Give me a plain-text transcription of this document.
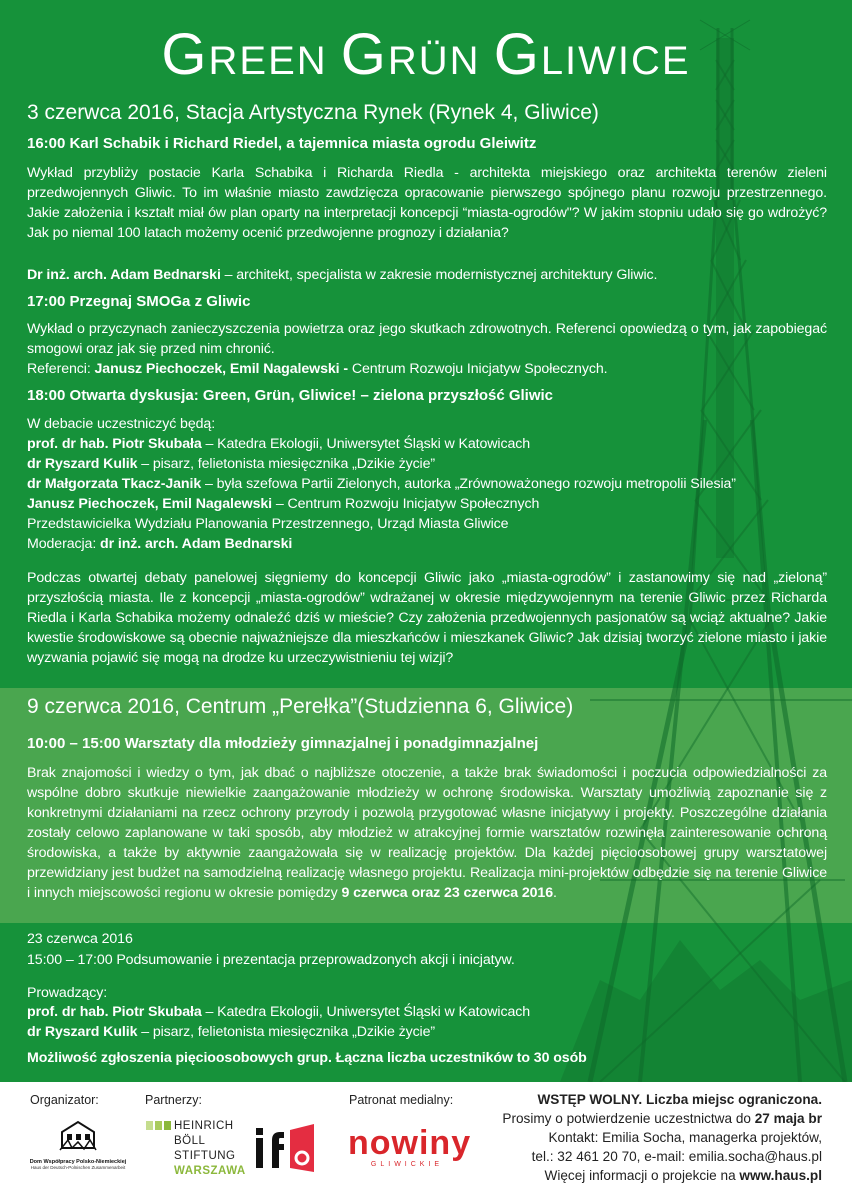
GREEN GRÜN GLIWICE
3 czerwca 2016, Stacja Artystyczna Rynek (Rynek 4, Gliwice)
16:00 Karl Schabik i Richard Riedel, a tajemnica miasta ogrodu Gleiwitz
Wykład przybliży postacie Karla Schabika i Richarda Riedla - architekta miejskiego oraz architekta terenów zieleni przedwojennych Gliwic. To im właśnie miasto zawdzięcza opracowanie pierwszego spójnego planu rozwoju przestrzennego. Jakie założenia i kształt miał ów plan oparty na interpretacji koncepcji “miasta-ogrodów"? W jakim stopniu udało się go wdrożyć? Jak po niemal 100 latach możemy ocenić przedwojenne prognozy i działania?
Dr inż. arch. Adam Bednarski – architekt, specjalista w zakresie modernistycznej architektury Gliwic.
17:00 Przegnaj SMOGa z Gliwic
Wykład o przyczynach zanieczyszczenia powietrza oraz jego skutkach zdrowotnych. Referenci opowiedzą o tym, jak zapobiegać smogowi oraz jak się przed nim chronić.
Referenci: Janusz Piechoczek, Emil Nagalewski - Centrum Rozwoju Inicjatyw Społecznych.
18:00 Otwarta dyskusja: Green, Grün, Gliwice! – zielona przyszłość Gliwic
W debacie uczestniczyć będą:
prof. dr hab. Piotr Skubała – Katedra Ekologii, Uniwersytet Śląski w Katowicach
dr Ryszard Kulik – pisarz, felietonista miesięcznika „Dzikie życie”
dr Małgorzata Tkacz-Janik – była szefowa Partii Zielonych, autorka „Zrównoważonego rozwoju metropolii Silesia”
Janusz Piechoczek, Emil Nagalewski – Centrum Rozwoju Inicjatyw Społecznych
Przedstawicielka Wydziału Planowania Przestrzennego, Urząd Miasta Gliwice
Moderacja: dr inż. arch. Adam Bednarski
Podczas otwartej debaty panelowej sięgniemy do koncepcji Gliwic jako „miasta-ogrodów” i zastanowimy się nad „zieloną” przyszłością miasta. Ile z koncepcji „miasta-ogrodów” wdrażanej w okresie międzywojennym na terenie Gliwic przez Richarda Riedla i Karla Schabika możemy odnaleźć dziś w mieście? Czy założenia przedwojennych pasjonatów są wciąż aktualne? Jakie kwestie środowiskowe są obecnie najważniejsze dla mieszkańców i mieszkanek Gliwic? Jak dzisiaj tworzyć zielone miasto i jakie wyzwania pojawić się mogą na drodze ku urzeczywistnieniu tej wizji?
9 czerwca 2016, Centrum „Perełka”(Studzienna 6, Gliwice)
10:00 – 15:00 Warsztaty dla młodzieży gimnazjalnej i ponadgimnazjalnej
Brak znajomości i wiedzy o tym, jak dbać o najbliższe otoczenie, a także brak świadomości i poczucia odpowiedzialności za wspólne dobro skutkuje niewielkie zaangażowanie młodzieży w ochronę środowiska. Warsztaty umożliwią zapoznanie się z konkretnymi działaniami na rzecz ochrony przyrody i pozwolą przygotować własne inicjatywy i projekty. Poszczególne działania zostały celowo zaplanowane w taki sposób, aby młodzież w atrakcyjnej formie warsztatów rozwinęła zainteresowanie ochroną środowiska, a także by aktywnie zaangażowała się w realizację projektów. Dla każdej pięcioosobowej grupy warsztatowej przewidziany jest budżet na samodzielną realizację własnego projektu. Realizacja mini-projektów odbędzie się na terenie Gliwice i innych miejscowości regionu w okresie pomiędzy 9 czerwca oraz 23 czerwca 2016.
23 czerwca 2016
15:00 – 17:00 Podsumowanie i prezentacja przeprowadzonych akcji i inicjatyw.
Prowadzący:
prof. dr hab. Piotr Skubała – Katedra Ekologii, Uniwersytet Śląski w Katowicach
dr Ryszard Kulik – pisarz, felietonista miesięcznika „Dzikie życie”
Możliwość zgłoszenia pięcioosobowych grup. Łączna liczba uczestników to 30 osób
Organizator:	Partnerzy:	Patronat medialny:
Dom Współpracy Polsko-Niemieckiej
Haus der Deutsch-Polnischen Zusammenarbeit
HEINRICH
BÖLL
STIFTUNG
WARSZAWA
ifa
nowiny
GLIWICKIE
WSTĘP WOLNY. Liczba miejsc ograniczona.
Prosimy o potwierdzenie uczestnictwa do 27 maja br
Kontakt: Emilia Socha, managerka projektów,
tel.: 32 461 20 70, e-mail: emilia.socha@haus.pl
Więcej informacji o projekcie na www.haus.pl
